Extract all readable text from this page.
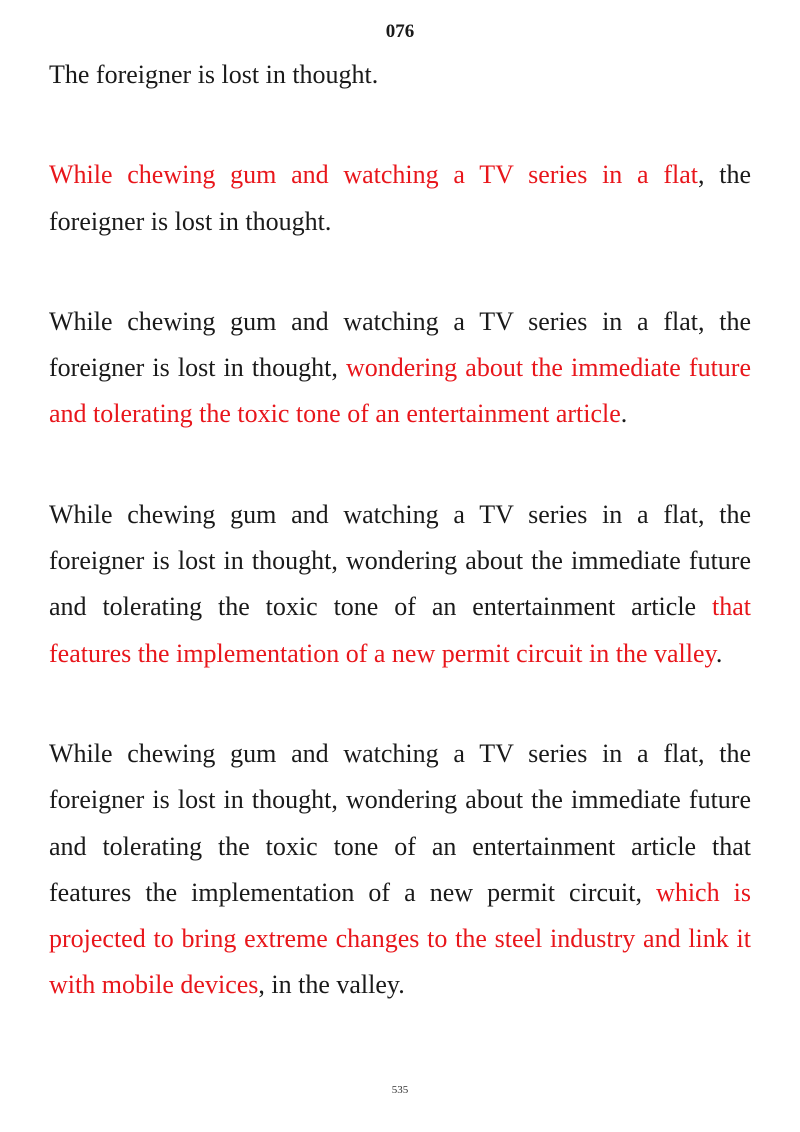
076

The foreigner is lost in thought.

While chewing gum and watching a TV series in a flat, the foreigner is lost in thought.

While chewing gum and watching a TV series in a flat, the foreigner is lost in thought, wondering about the immediate future and tolerating the toxic tone of an entertainment article.

While chewing gum and watching a TV series in a flat, the foreigner is lost in thought, wondering about the immediate future and tolerating the toxic tone of an entertainment article that features the implementation of a new permit circuit in the valley.

While chewing gum and watching a TV series in a flat, the foreigner is lost in thought, wondering about the immediate future and tolerating the toxic tone of an entertainment article that features the implementation of a new permit circuit, which is projected to bring extreme changes to the steel industry and link it with mobile devices, in the valley.

535
